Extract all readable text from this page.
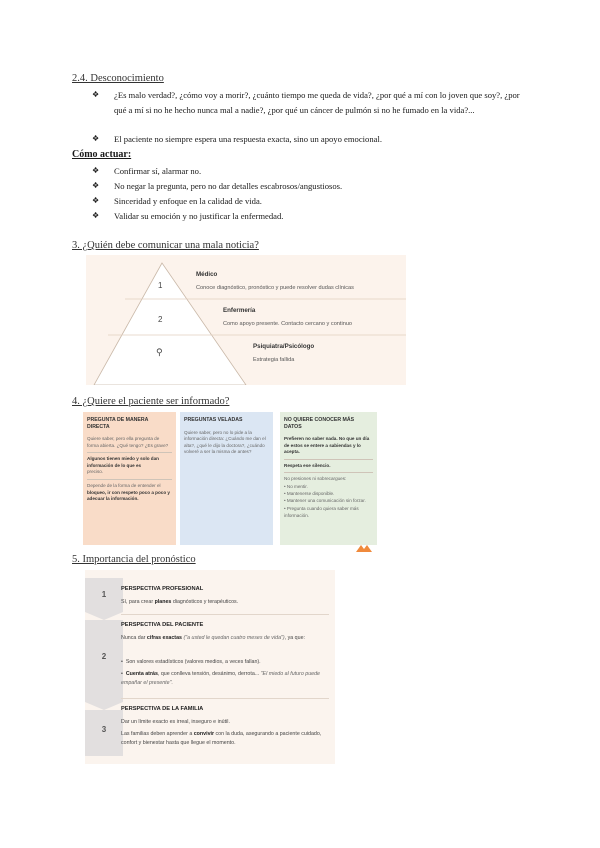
2.4. Desconocimiento
❖	¿Es malo verdad?, ¿cómo voy a morir?, ¿cuánto tiempo me queda de vida?, ¿por qué a mí con lo joven que soy?, ¿por qué a mí si no he hecho nunca mal a nadie?, ¿por qué un cáncer de pulmón si no he fumado en la vida?...
❖	El paciente no siempre espera una respuesta exacta, sino un apoyo emocional.
Cómo actuar:
❖	Confirmar sí, alarmar no.
❖	No negar la pregunta, pero no dar detalles escabrosos/angustiosos.
❖	Sinceridad y enfoque en la calidad de vida.
❖	Validar su emoción y no justificar la enfermedad.
3. ¿Quién debe comunicar una mala noticia?
1
2
⚲
Médico
Conoce diagnóstico, pronóstico y puede resolver dudas clínicas
Enfermería
Como apoyo presente. Contacto cercano y continuo
Psiquiatra/Psicólogo
Estrategia fallida
4. ¿Quiere el paciente ser informado?
PREGUNTA DE MANERA DIRECTA
Quiere saber, pero ella pregunta de forma abierta. ¿Qué tengo? ¿Es grave?
Algunos tienen miedo y solo dan información de lo que es
preciso.
Depende de la forma de entender el
bloqueo, ir con respeto poco a poco y adecuar la información.
PREGUNTAS VELADAS
Quiere saber, pero no lo pide a la información directa: ¿Cuándo me dan el alta?, ¿qué le dijo la doctora?, ¿cuándo volveré a ser la misma de antes?
NO QUIERE CONOCER MÁS DATOS
Prefieren no saber nada. No que un día de estos se entere a sabiendas y lo acepta.
Respeta ese silencio.
No presiones ni sobrecargues:
• No mentir.
• Mantenerse disponible.
• Mantener una comunicación sin forzar.
• Pregunta cuando quiera saber más información.
5. Importancia del pronóstico
1
2
3
PERSPECTIVA PROFESIONAL
Sí, para crear planes diagnósticos y terapéuticos.
PERSPECTIVA DEL PACIENTE
Nunca dar cifras exactas ("a usted le quedan cuatro meses de vida"), ya que:
•  Son valores estadísticos (valores medios, a veces fallan).
•  Cuenta atrás, que conlleva tensión, desánimo, derrota... "El miedo al futuro puede empañar el presente".
PERSPECTIVA DE LA FAMILIA
Dar un límite exacto es irreal, inseguro e inútil.
Las familias deben aprender a convivir con la duda, asegurando a paciente cuidado, confort y bienestar hasta que llegue el momento.
